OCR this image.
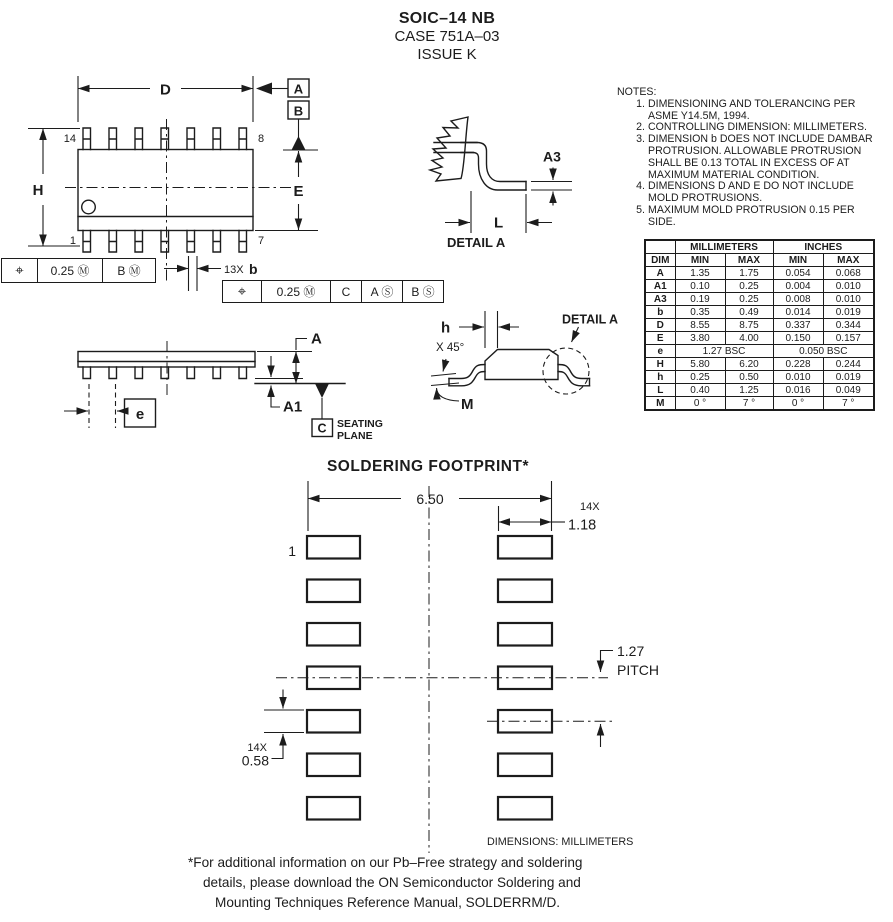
SOIC–14 NB
CASE 751A–03
ISSUE K
D	A
B
E
H
14	8
1	7
13X b
⌖	0.25 Ⓜ	B Ⓜ
⌖	0.25 Ⓜ	C	A Ⓢ	B Ⓢ
e
A
A1
C SEATING
PLANE
A3
L
DETAIL A
h
X 45°
M
DETAIL A
NOTES:
1. DIMENSIONING AND TOLERANCING PER
ASME Y14.5M, 1994.
2. CONTROLLING DIMENSION: MILLIMETERS.
3. DIMENSION b DOES NOT INCLUDE DAMBAR
PROTRUSION. ALLOWABLE PROTRUSION
SHALL BE 0.13 TOTAL IN EXCESS OF AT
MAXIMUM MATERIAL CONDITION.
4. DIMENSIONS D AND E DO NOT INCLUDE
MOLD PROTRUSIONS.
5. MAXIMUM MOLD PROTRUSION 0.15 PER
SIDE.
	MILLIMETERS		INCHES	
DIM	MIN	MAX	MIN	MAX
A	1.35	1.75	0.054	0.068
A1	0.10	0.25	0.004	0.010
A3	0.19	0.25	0.008	0.010
b	0.35	0.49	0.014	0.019
D	8.55	8.75	0.337	0.344
E	3.80	4.00	0.150	0.157
e	1.27 BSC		0.050 BSC	
H	5.80	6.20	0.228	0.244
h	0.25	0.50	0.010	0.019
L	0.40	1.25	0.016	0.049
M	0 °	7 °	0 °	7 °
SOLDERING FOOTPRINT*
6.50	14X
1.18
1
1.27
PITCH
14X
0.58
DIMENSIONS: MILLIMETERS
*For additional information on our Pb–Free strategy and soldering
details, please download the ON Semiconductor Soldering and
Mounting Techniques Reference Manual, SOLDERRM/D.
